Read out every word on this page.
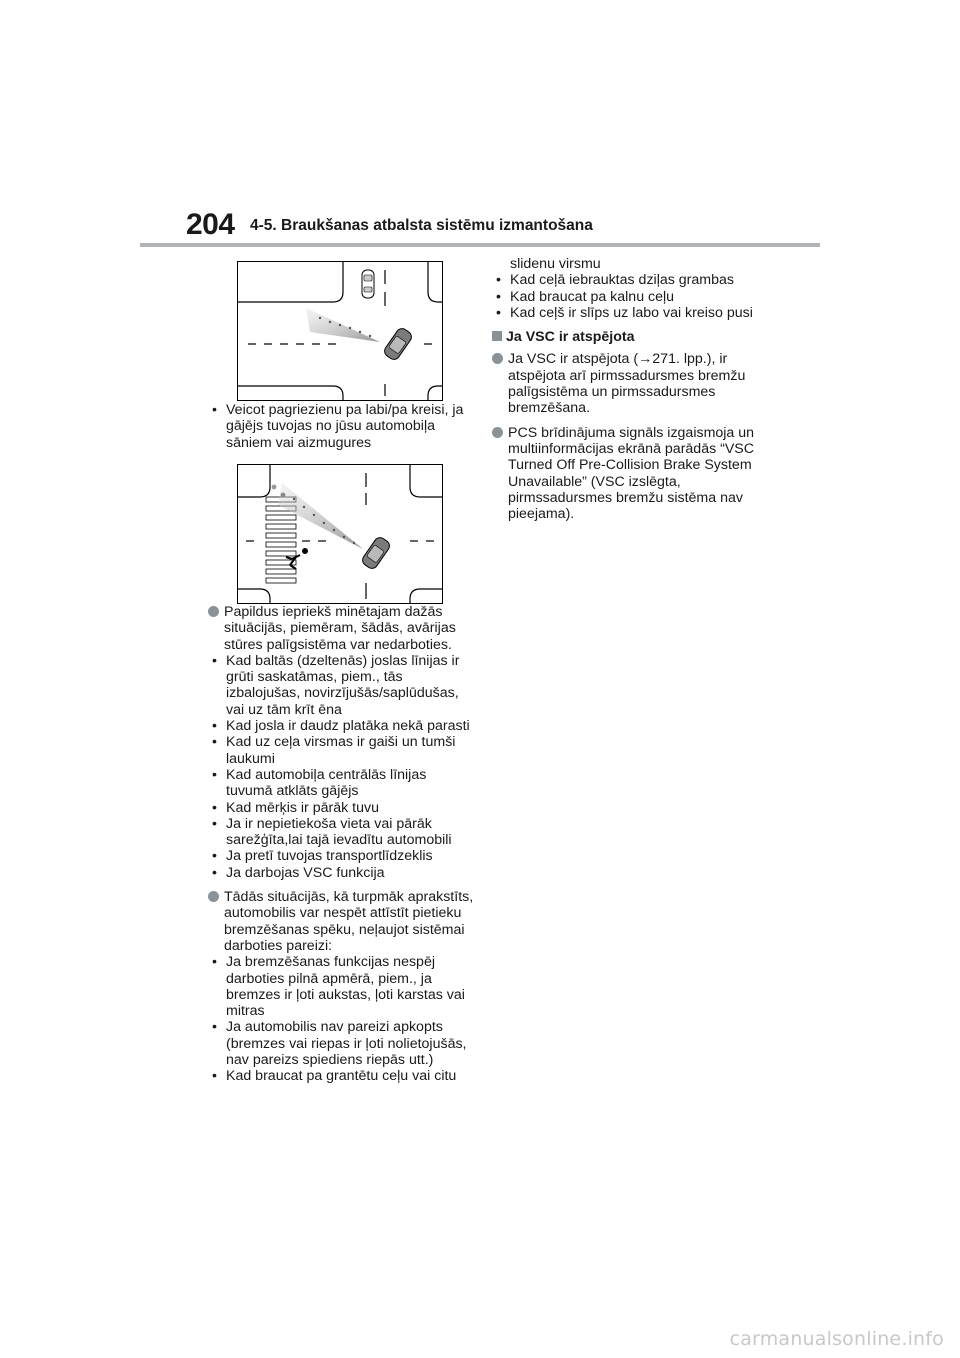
204 4-5. Braukšanas atbalsta sistēmu izmantošana
• Veicot pagriezienu pa labi/pa kreisi, ja gājējs tuvojas no jūsu automobiļa sāniem vai aizmugures
Papildus iepriekš minētajam dažās situācijās, piemēram, šādās, avārijas stūres palīgsistēma var nedarboties.
• Kad baltās (dzeltenās) joslas līnijas ir grūti saskatāmas, piem., tās izbalojušas, novirzījušās/saplūdušas, vai uz tām krīt ēna
• Kad josla ir daudz platāka nekā parasti
• Kad uz ceļa virsmas ir gaiši un tumši laukumi
• Kad automobiļa centrālās līnijas tuvumā atklāts gājējs
• Kad mērķis ir pārāk tuvu
• Ja ir nepietiekoša vieta vai pārāk sarežģīta,lai tajā ievadītu automobili
• Ja pretī tuvojas transportlīdzeklis
• Ja darbojas VSC funkcija
Tādās situācijās, kā turpmāk aprakstīts, automobilis var nespēt attīstīt pietieku bremzēšanas spēku, neļaujot sistēmai darboties pareizi:
• Ja bremzēšanas funkcijas nespēj darboties pilnā apmērā, piem., ja bremzes ir ļoti aukstas, ļoti karstas vai mitras
• Ja automobilis nav pareizi apkopts (bremzes vai riepas ir ļoti nolietojušās, nav pareizs spiediens riepās utt.)
• Kad braucat pa grantētu ceļu vai citu
slidenu virsmu
• Kad ceļā iebrauktas dziļas grambas
• Kad braucat pa kalnu ceļu
• Kad ceļš ir slīps uz labo vai kreiso pusi
Ja VSC ir atspējota
Ja VSC ir atspējota (→271. lpp.), ir atspējota arī pirmssadursmes bremžu palīgsistēma un pirmssadursmes bremzēšana.
PCS brīdinājuma signāls izgaismoja un multiinformācijas ekrānā parādās “VSC Turned Off Pre-Collision Brake System Unavailable” (VSC izslēgta, pirmssadursmes bremžu sistēma nav pieejama).
carmanualsonline.info
